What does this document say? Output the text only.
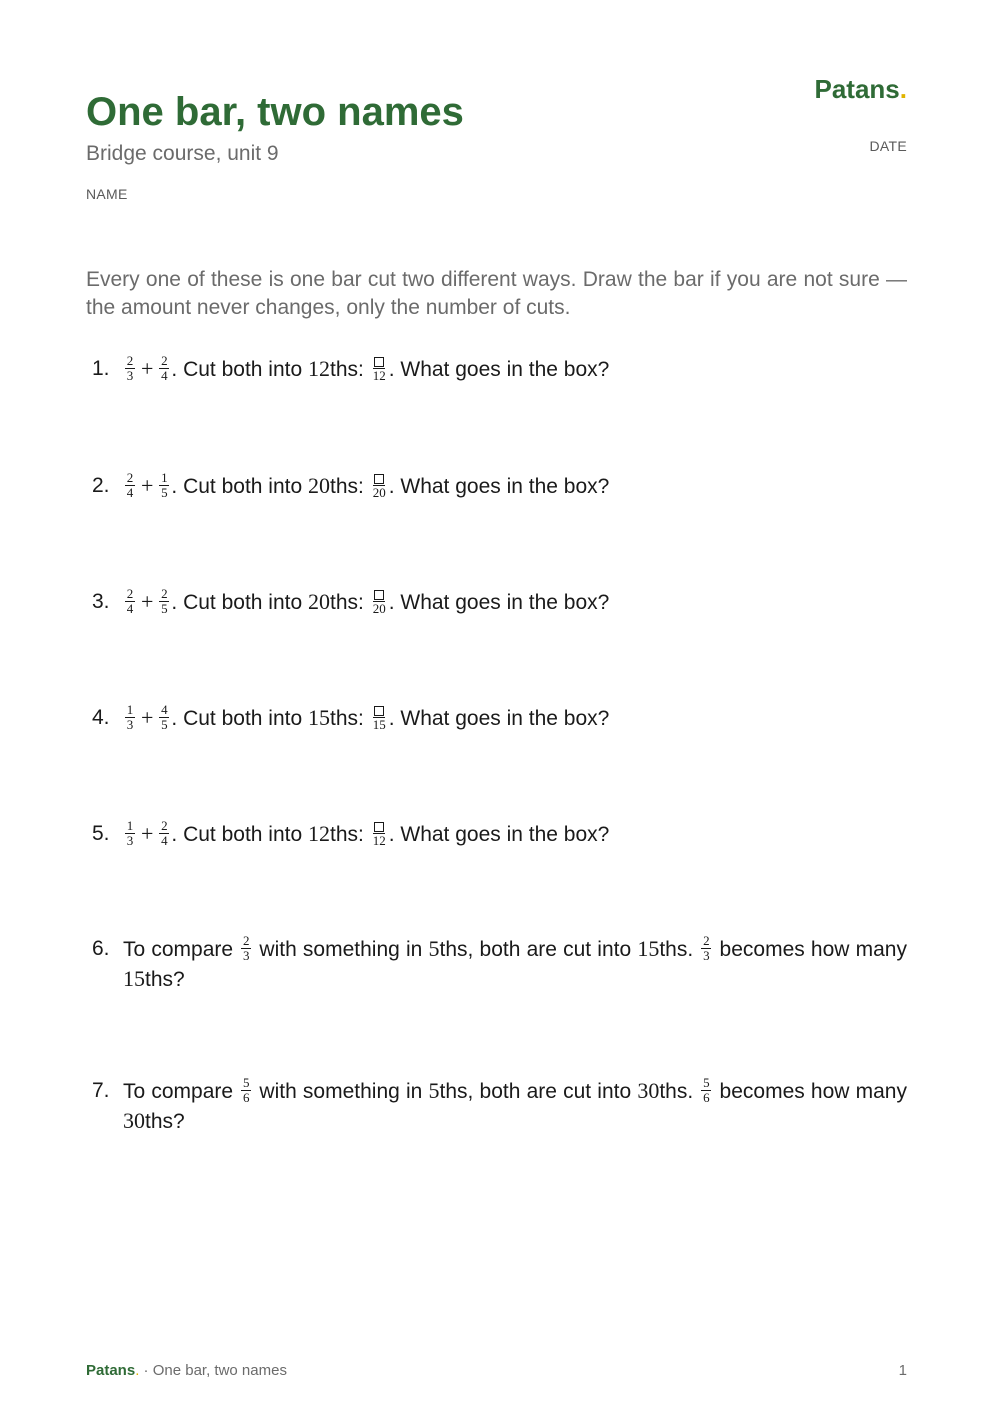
Patans.
One bar, two names
Bridge course, unit 9
NAME
DATE

Every one of these is one bar cut two different ways. Draw the bar if you are not sure — the amount never changes, only the number of cuts.

1.	$\frac{2}{3} + \frac{2}{4}$ . Cut both into 12ths: 12 . What goes in the box?
2.	$\frac{2}{4} + \frac{1}{5}$ . Cut both into 20ths: 20 . What goes in the box?
3.	$\frac{2}{4} + \frac{2}{5}$ . Cut both into 20ths: 20 . What goes in the box?
4.	$\frac{1}{3} + \frac{4}{5}$ . Cut both into 15ths: 15 . What goes in the box?
5.	$\frac{1}{3} + \frac{2}{4}$ . Cut both into 12ths: 12 . What goes in the box?
6. To compare $\frac{2}{3}$ with something in 5ths, both are cut into 15ths. $\frac{2}{3}$ becomes how many 15ths?
7. To compare $\frac{5}{6}$ with something in 5ths, both are cut into 30ths. $\frac{5}{6}$ becomes how many 30ths?
Patans. · One bar, two names	1
